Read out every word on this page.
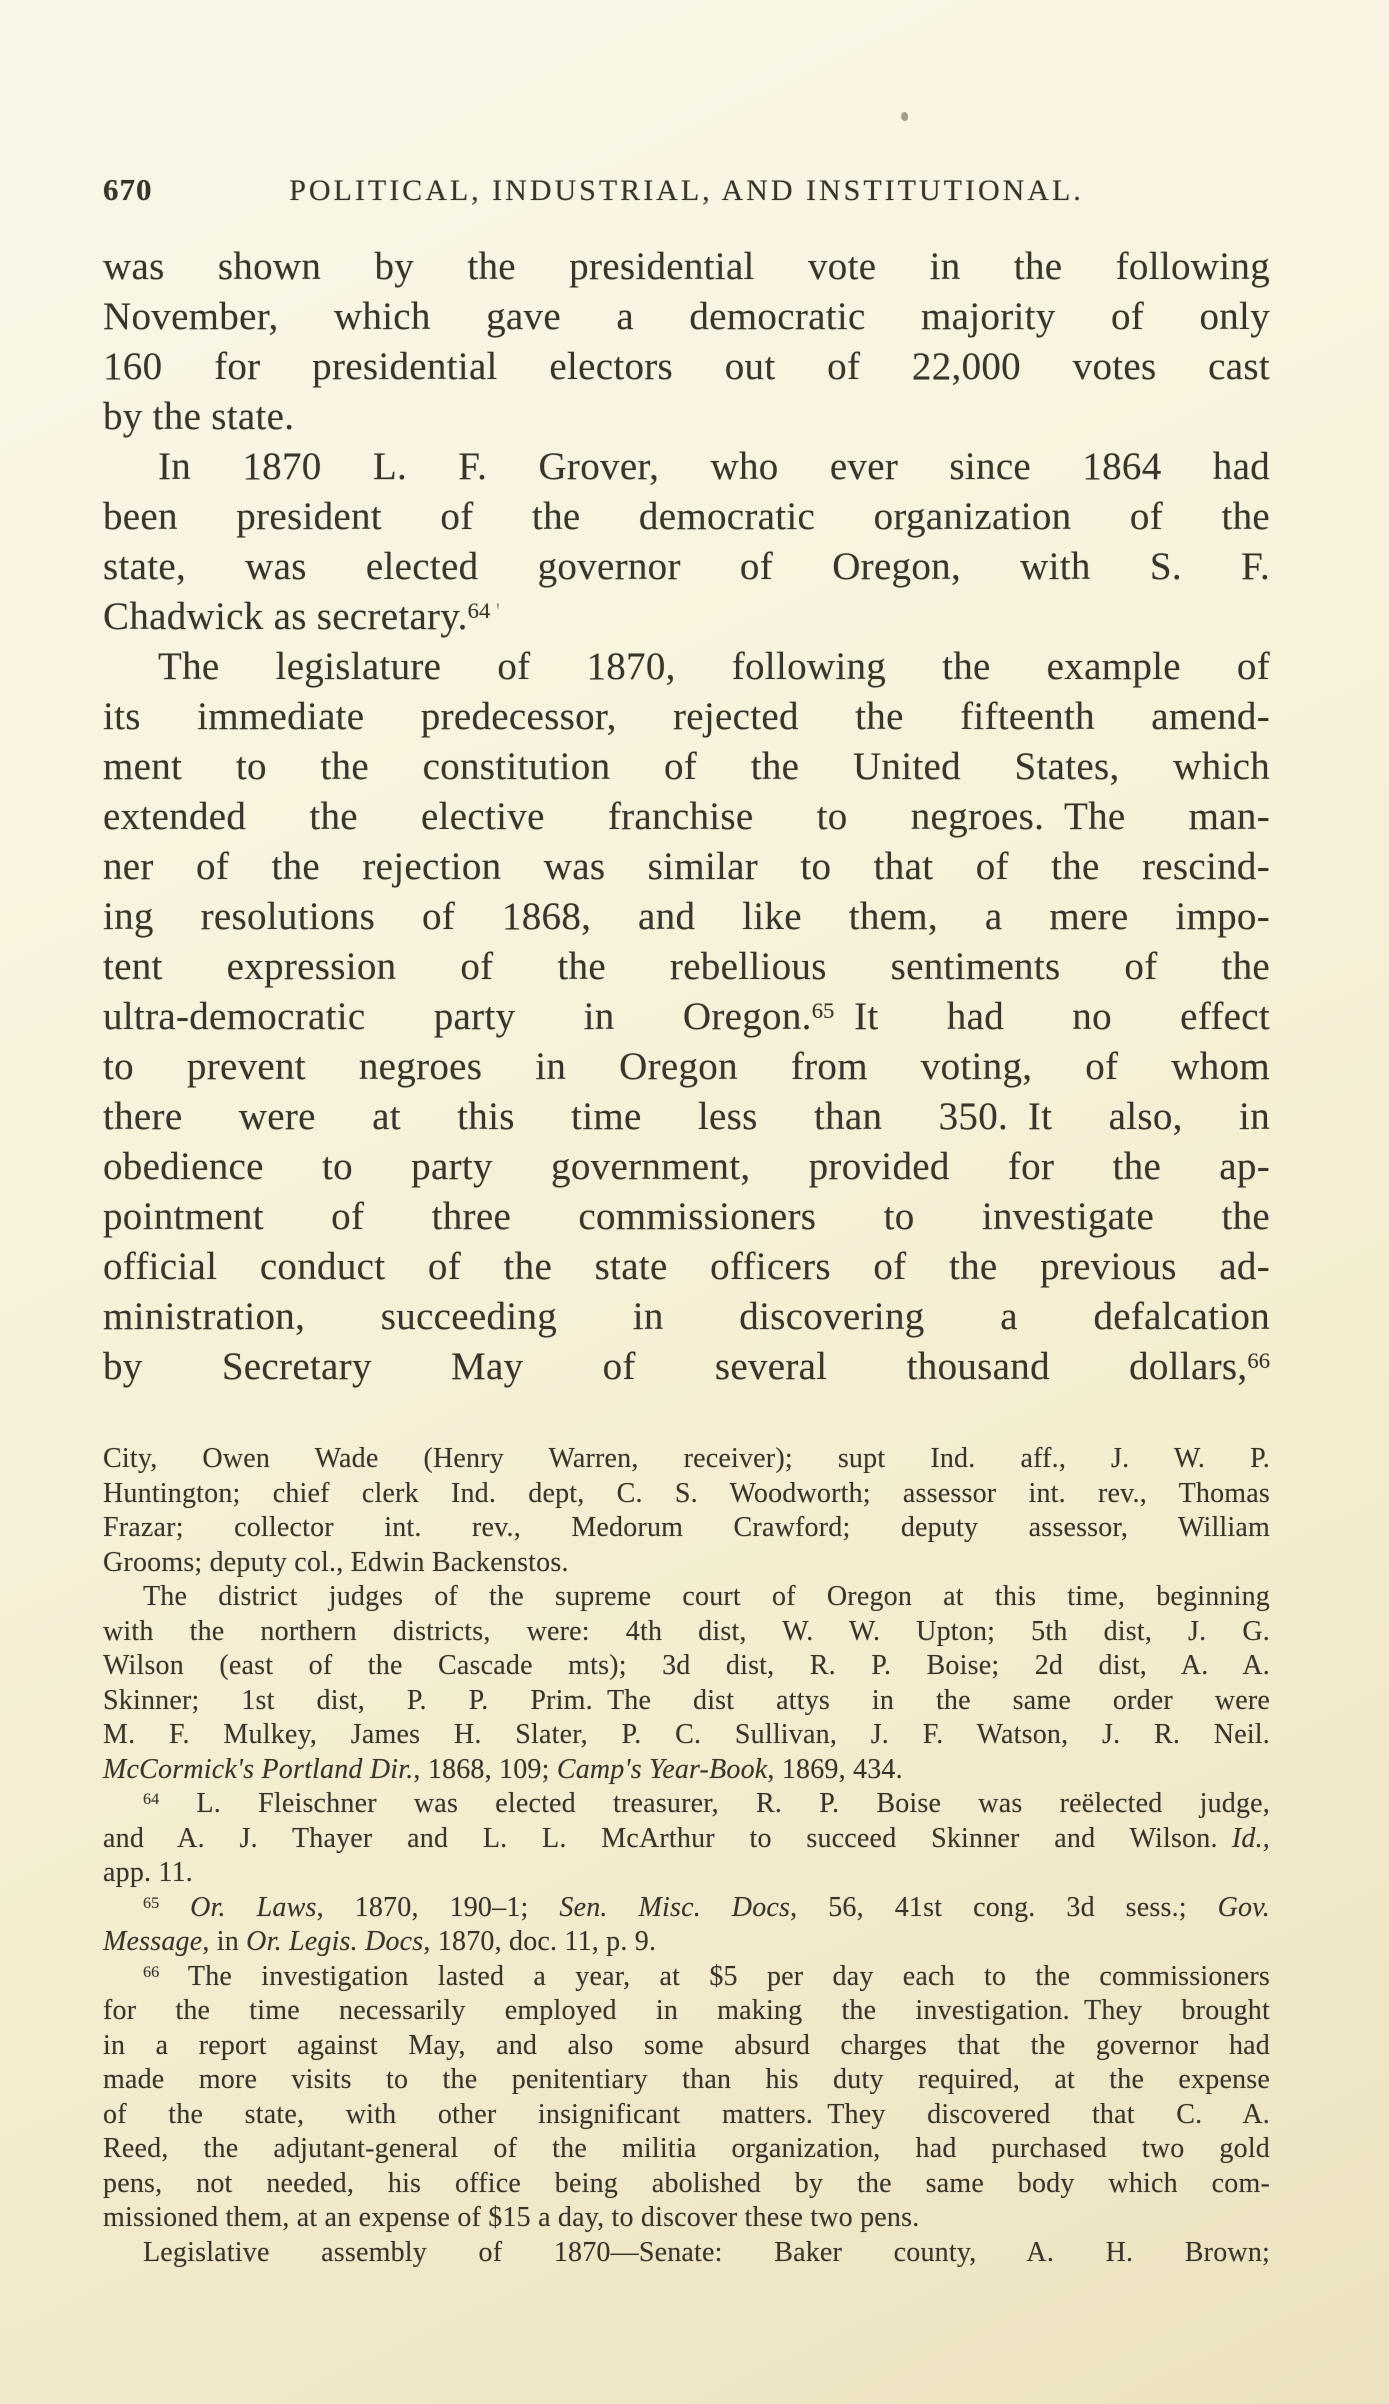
670	POLITICAL, INDUSTRIAL, AND INSTITUTIONAL.
was shown by the presidential vote in the following
November, which gave a democratic majority of only
160 for presidential electors out of 22,000 votes cast
by the state.
In 1870 L. F. Grover, who ever since 1864 had
been president of the democratic organization of the
state, was elected governor of Oregon, with S. F.
Chadwick as secretary.$^{64}$ '
The legislature of 1870, following the example of
its immediate predecessor, rejected the fifteenth amend-
ment to the constitution of the United States, which
extended the elective franchise to negroes. The man-
ner of the rejection was similar to that of the rescind-
ing resolutions of 1868, and like them, a mere impo-
tent expression of the rebellious sentiments of the
ultra-democratic party in Oregon.$^{65}$ It had no effect
to prevent negroes in Oregon from voting, of whom
there were at this time less than 350. It also, in
obedience to party government, provided for the ap-
pointment of three commissioners to investigate the
official conduct of the state officers of the previous ad-
ministration, succeeding in discovering a defalcation
by Secretary May of several thousand dollars,$^{66}$
City, Owen Wade (Henry Warren, receiver); supt Ind. aff., J. W. P.
Huntington; chief clerk Ind. dept, C. S. Woodworth; assessor int. rev., Thomas
Frazar; collector int. rev., Medorum Crawford; deputy assessor, William
Grooms; deputy col., Edwin Backenstos.
The district judges of the supreme court of Oregon at this time, beginning
with the northern districts, were: 4th dist, W. W. Upton; 5th dist, J. G.
Wilson (east of the Cascade mts); 3d dist, R. P. Boise; 2d dist, A. A.
Skinner; 1st dist, P. P. Prim. The dist attys in the same order were
M. F. Mulkey, James H. Slater, P. C. Sullivan, J. F. Watson, J. R. Neil.
McCormick's Portland Dir., 1868, 109; Camp's Year-Book, 1869, 434.
$^{64}$ L. Fleischner was elected treasurer, R. P. Boise was reëlected judge,
and A. J. Thayer and L. L. McArthur to succeed Skinner and Wilson. Id.,
app. 11.
$^{65}$ Or. Laws, 1870, 190–1; Sen. Misc. Docs, 56, 41st cong. 3d sess.; Gov.
Message, in Or. Legis. Docs, 1870, doc. 11, p. 9.
$^{66}$ The investigation lasted a year, at $5 per day each to the commissioners
for the time necessarily employed in making the investigation. They brought
in a report against May, and also some absurd charges that the governor had
made more visits to the penitentiary than his duty required, at the expense
of the state, with other insignificant matters. They discovered that C. A.
Reed, the adjutant-general of the militia organization, had purchased two gold
pens, not needed, his office being abolished by the same body which com-
missioned them, at an expense of $15 a day, to discover these two pens.
Legislative assembly of 1870—Senate: Baker county, A. H. Brown;
